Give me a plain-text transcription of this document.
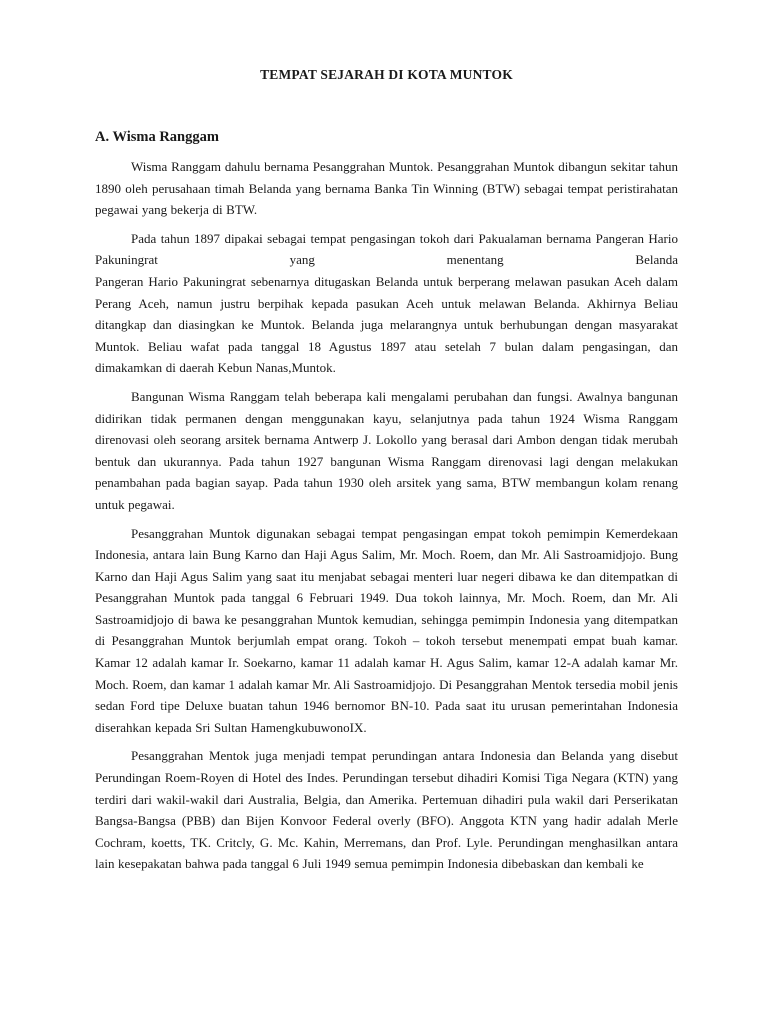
TEMPAT SEJARAH DI KOTA MUNTOK
A. Wisma Ranggam

Wisma Ranggam dahulu bernama Pesanggrahan Muntok. Pesanggrahan Muntok dibangun sekitar tahun 1890 oleh perusahaan timah Belanda yang bernama Banka Tin Winning (BTW) sebagai tempat peristirahatan pegawai yang bekerja di BTW.

Pada tahun 1897 dipakai sebagai tempat pengasingan tokoh dari Pakualaman bernama Pangeran Hario Pakuningrat yang menentang Belanda

Pangeran Hario Pakuningrat sebenarnya ditugaskan Belanda untuk berperang melawan pasukan Aceh dalam Perang Aceh, namun justru berpihak kepada pasukan Aceh untuk melawan Belanda. Akhirnya Beliau ditangkap dan diasingkan ke Muntok. Belanda juga melarangnya untuk berhubungan dengan masyarakat Muntok. Beliau wafat pada tanggal 18 Agustus 1897 atau setelah 7 bulan dalam pengasingan, dan dimakamkan di daerah Kebun Nanas,Muntok.

Bangunan Wisma Ranggam telah beberapa kali mengalami perubahan dan fungsi. Awalnya bangunan didirikan tidak permanen dengan menggunakan kayu, selanjutnya pada tahun 1924 Wisma Ranggam direnovasi oleh seorang arsitek bernama Antwerp J. Lokollo yang berasal dari Ambon dengan tidak merubah bentuk dan ukurannya. Pada tahun 1927 bangunan Wisma Ranggam direnovasi lagi dengan melakukan penambahan pada bagian sayap. Pada tahun 1930 oleh arsitek yang sama, BTW membangun kolam renang untuk pegawai.

Pesanggrahan Muntok digunakan sebagai tempat pengasingan empat tokoh pemimpin Kemerdekaan Indonesia, antara lain Bung Karno dan Haji Agus Salim, Mr. Moch. Roem, dan Mr. Ali Sastroamidjojo. Bung Karno dan Haji Agus Salim yang saat itu menjabat sebagai menteri luar negeri dibawa ke dan ditempatkan di Pesanggrahan Muntok pada tanggal 6 Februari 1949. Dua tokoh lainnya, Mr. Moch. Roem, dan Mr. Ali Sastroamidjojo di bawa ke pesanggrahan Muntok kemudian, sehingga pemimpin Indonesia yang ditempatkan di Pesanggrahan Muntok berjumlah empat orang. Tokoh – tokoh tersebut menempati empat buah kamar. Kamar 12 adalah kamar Ir. Soekarno, kamar 11 adalah kamar H. Agus Salim, kamar 12-A adalah kamar Mr. Moch. Roem, dan kamar 1 adalah kamar Mr. Ali Sastroamidjojo. Di Pesanggrahan Mentok tersedia mobil jenis sedan Ford tipe Deluxe buatan tahun 1946 bernomor BN-10. Pada saat itu urusan pemerintahan Indonesia diserahkan kepada Sri Sultan HamengkubuwonoIX.

Pesanggrahan Mentok juga menjadi tempat perundingan antara Indonesia dan Belanda yang disebut Perundingan Roem-Royen di Hotel des Indes. Perundingan tersebut dihadiri Komisi Tiga Negara (KTN) yang terdiri dari wakil-wakil dari Australia, Belgia, dan Amerika. Pertemuan dihadiri pula wakil dari Perserikatan Bangsa-Bangsa (PBB) dan Bijen Konvoor Federal overly (BFO). Anggota KTN yang hadir adalah Merle Cochram, koetts, TK. Critcly, G. Mc. Kahin, Merremans, dan Prof. Lyle. Perundingan menghasilkan antara lain kesepakatan bahwa pada tanggal 6 Juli 1949 semua pemimpin Indonesia dibebaskan dan kembali ke
